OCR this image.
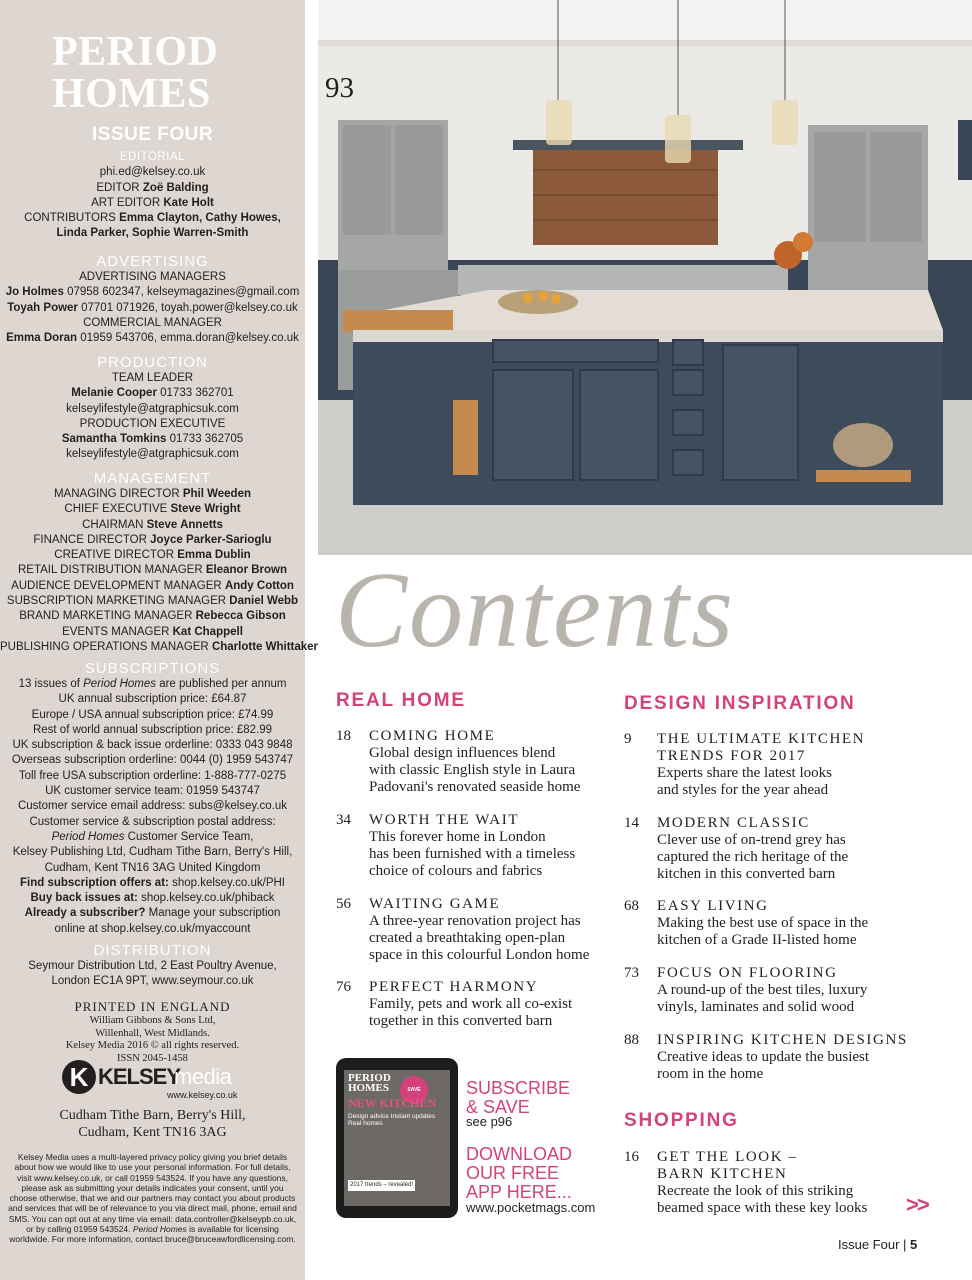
PERIOD
HOMES
ISSUE FOUR
EDITORIAL
phi.ed@kelsey.co.uk
EDITOR Zoë Balding
ART EDITOR Kate Holt
CONTRIBUTORS Emma Clayton, Cathy Howes,
Linda Parker, Sophie Warren-Smith
ADVERTISING
ADVERTISING MANAGERS
Jo Holmes 07958 602347, kelseymagazines@gmail.com
Toyah Power 07701 071926, toyah.power@kelsey.co.uk
COMMERCIAL MANAGER
Emma Doran 01959 543706, emma.doran@kelsey.co.uk
PRODUCTION
TEAM LEADER
Melanie Cooper 01733 362701
kelseylifestyle@atgraphicsuk.com
PRODUCTION EXECUTIVE
Samantha Tomkins 01733 362705
kelseylifestyle@atgraphicsuk.com
MANAGEMENT
MANAGING DIRECTOR Phil Weeden
CHIEF EXECUTIVE Steve Wright
CHAIRMAN Steve Annetts
FINANCE DIRECTOR Joyce Parker-Sarioglu
CREATIVE DIRECTOR Emma Dublin
RETAIL DISTRIBUTION MANAGER Eleanor Brown
AUDIENCE DEVELOPMENT MANAGER Andy Cotton
SUBSCRIPTION MARKETING MANAGER Daniel Webb
BRAND MARKETING MANAGER Rebecca Gibson
EVENTS MANAGER Kat Chappell
PUBLISHING OPERATIONS MANAGER Charlotte Whittaker
SUBSCRIPTIONS
13 issues of Period Homes are published per annum
UK annual subscription price: £64.87
Europe / USA annual subscription price: £74.99
Rest of world annual subscription price: £82.99
UK subscription & back issue orderline: 0333 043 9848
Overseas subscription orderline: 0044 (0) 1959 543747
Toll free USA subscription orderline: 1-888-777-0275
UK customer service team: 01959 543747
Customer service email address: subs@kelsey.co.uk
Customer service & subscription postal address:
Period Homes Customer Service Team,
Kelsey Publishing Ltd, Cudham Tithe Barn, Berry's Hill,
Cudham, Kent TN16 3AG United Kingdom
Find subscription offers at: shop.kelsey.co.uk/PHI
Buy back issues at: shop.kelsey.co.uk/phiback
Already a subscriber? Manage your subscription
online at shop.kelsey.co.uk/myaccount
DISTRIBUTION
Seymour Distribution Ltd, 2 East Poultry Avenue,
London EC1A 9PT, www.seymour.co.uk
PRINTED IN ENGLAND
William Gibbons & Sons Ltd,
Willenhall, West Midlands.
Kelsey Media 2016 © all rights reserved.
ISSN 2045-1458
K KELSEY
media
www.kelsey.co.uk
Cudham Tithe Barn, Berry's Hill,
Cudham, Kent TN16 3AG
Kelsey Media uses a multi-layered privacy policy giving you brief details about how we would like to use your personal information. For full details, visit www.kelsey.co.uk, or call 01959 543524. If you have any questions, please ask as submitting your details indicates your consent, until you choose otherwise, that we and our partners may contact you about products and services that will be of relevance to you via direct mail, phone, email and SMS. You can opt out at any time via email: data.controller@kelseypb.co.uk, or by calling 01959 543524. Period Homes is available for licensing worldwide. For more information, contact bruce@bruceawfordlicensing.com.
93
Contents
REAL HOME
18	COMING HOME
Global design influences blend
with classic English style in Laura
Padovani's renovated seaside home
34	WORTH THE WAIT
This forever home in London
has been furnished with a timeless
choice of colours and fabrics
56	WAITING GAME
A three-year renovation project has
created a breathtaking open-plan
space in this colourful London home
76	PERFECT HARMONY
Family, pets and work all co-exist
together in this converted barn
DESIGN INSPIRATION
9	THE ULTIMATE KITCHEN
TRENDS FOR 2017
Experts share the latest looks
and styles for the year ahead
14	MODERN CLASSIC
Clever use of on-trend grey has
captured the rich heritage of the
kitchen in this converted barn
68	EASY LIVING
Making the best use of space in the
kitchen of a Grade II-listed home
73	FOCUS ON FLOORING
A round-up of the best tiles, luxury
vinyls, laminates and solid wood
88	INSPIRING KITCHEN DESIGNS
Creative ideas to update the busiest
room in the home
SHOPPING
16	GET THE LOOK –
BARN KITCHEN
Recreate the look of this striking
beamed space with these key looks
PERIOD
HOMES	SAVE
NEW KITCHEN
Design advice Instant updates Real homes
2017 trends – revealed!
SUBSCRIBE
& SAVE
see p96
DOWNLOAD
OUR FREE
APP HERE...
www.pocketmags.com	>>
Issue Four | 5
